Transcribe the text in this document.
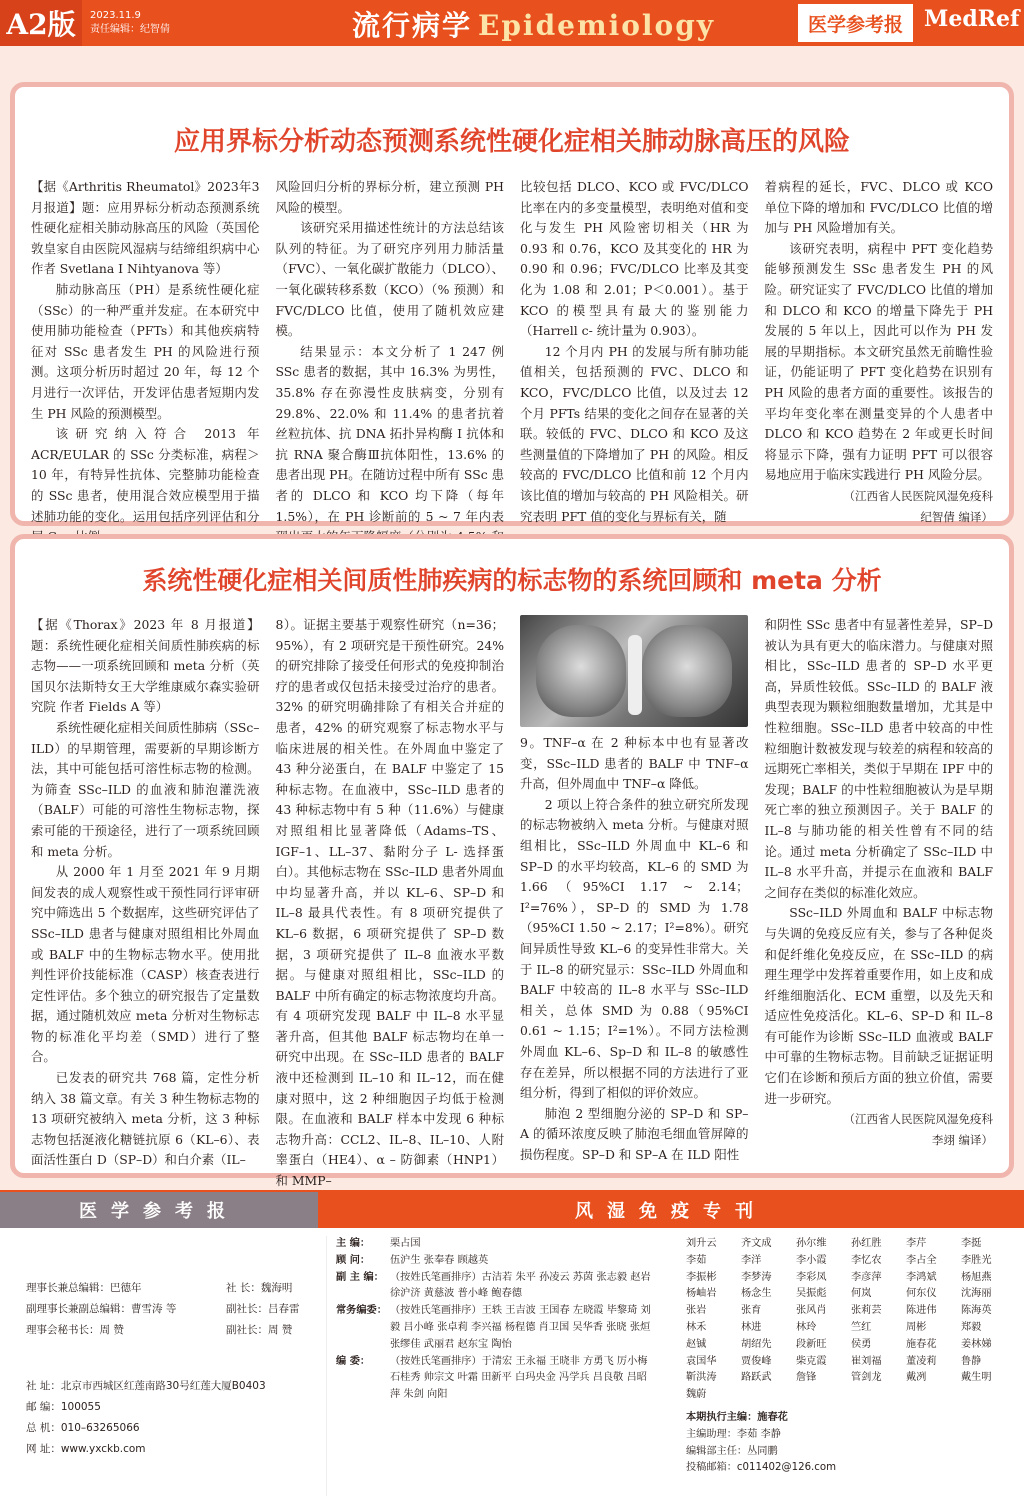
A2版	2023.11.9
责任编辑：纪智倩	流行病学 Epidemiology	医学参考报 MedRef
应用界标分析动态预测系统性硬化症相关肺动脉高压的风险

【据《Arthritis Rheumatol》2023年3月报道】题：应用界标分析动态预测系统性硬化症相关肺动脉高压的风险（英国伦敦皇家自由医院风湿病与结缔组织病中心 作者 Svetlana I Nihtyanova 等）

肺动脉高压（PH）是系统性硬化症（SSc）的一种严重并发症。在本研究中使用肺功能检查（PFTs）和其他疾病特征对 SSc 患者发生 PH 的风险进行预测。这项分析历时超过 20 年，每 12 个月进行一次评估，开发评估患者短期内发生 PH 风险的预测模型。

该研究纳入符合 2013 年 ACR/EULAR 的 SSc 分类标准，病程＞10 年，有特异性抗体、完整肺功能检查的 SSc 患者，使用混合效应模型用于描述肺功能的变化。运用包括序列评估和分

风险回归分析的界标分析，建立预测 PH 风险的模型。

该研究采用描述性统计的方法总结该队列的特征。为了研究序列用力肺活量（FVC）、一氧化碳扩散能力（DLCO）、一氧化碳转移系数（KCO）（% 预测）和 FVC/DLCO 比值，使用了随机效应建模。

结果显示：本文分析了 1 247 例 SSc 患者的数据，其中 16.3% 为男性，35.8% 存在弥漫性皮肤病变，分别有 29.8%、22.0% 和 11.4% 的患者抗着丝粒抗体、抗 DNA 拓扑异构酶 I 抗体和抗 RNA 聚合酶Ⅲ抗体阳性，13.6% 的患者出现 PH。在随访过程中所有 SSc 患者的 DLCO 和 KCO 均下降（每年 1.5%），在 PH 诊断前的 5 ~ 7 年内表

比较包括 DLCO、KCO 或 FVC/DLCO 比率在内的多变量模型，表明绝对值和变化与发生 PH 风险密切相关（HR 为 0.93 和 0.76，KCO 及其变化的 HR 为 0.90 和 0.96；FVC/DLCO 比率及其变化为 1.08 和 2.01；P＜0.001）。基于 KCO 的模型具有最大的鉴别能力（Harrell c- 统计量为 0.903）。

12 个月内 PH 的发展与所有肺功能值相关，包括预测的 FVC、DLCO 和 KCO，FVC/DLCO 比值，以及过去 12 个月 PFTs 结果的变化之间存在显著的关联。较低的 FVC、DLCO 和 KCO 及这些测量值的下降增加了 PH 的风险。相反较高的 FVC/DLCO 比值和前 12 个月内该比值的增加与较高的 PH 风险相关。研究表明 PFT 值的变化与界标有关，随

着病程的延长，FVC、DLCO 或 KCO 单位下降的增加和 FVC/DLCO 比值的增加与 PH 风险增加有关。

该研究表明，病程中 PFT 变化趋势能够预测发生 SSc 患者发生 PH 的风险。研究证实了 FVC/DLCO 比值的增加和 DLCO 和 KCO 的增量下降先于 PH 发展的 5 年以上，因此可以作为 PH 发展的早期指标。本文研究虽然无前瞻性验证，仍能证明了 PFT 变化趋势在识别有 PH 风险的患者方面的重要性。该报告的平均年变化率在测量变异的个人患者中 DLCO 和 KCO 趋势在 2 年或更长时间将显示下降，强有力证明 PFT 可以很容易地应用于临床实践进行 PH 风险分层。

（江西省人民医院风湿免疫科

纪智倩 编译）

系统性硬化症相关间质性肺疾病的标志物的系统回顾和 meta 分析

【据《Thorax》2023 年 8 月报道】题：系统性硬化症相关间质性肺疾病的标志物——一项系统回顾和 meta 分析（英国贝尔法斯特女王大学维康威尔森实验研究院 作者 Fields A 等）

系统性硬化症相关间质性肺病（SSc–ILD）的早期管理，需要新的早期诊断方法，其中可能包括可溶性标志物的检测。为筛查 SSc–ILD 的血液和肺泡灌洗液（BALF）可能的可溶性生物标志物，探索可能的干预途径，进行了一项系统回顾和 meta 分析。

从 2000 年 1 月至 2021 年 9 月期间发表的成人观察性或干预性同行评审研究中筛选出 5 个数据库，这些研究评估了 SSc–ILD 患者与健康对照组相比外周血或 BALF 中的生物标志物水平。使用批判性评价技能标准（CASP）核查表进行定性评估。多个独立的研究报告了定量数据，通过随机效应 meta 分析对生物标志物的标准化平均差（SMD）进行了整合。

已发表的研究共 768 篇，定性分析纳入 38 篇文章。有关 3 种生物标志物的 13 项研究被纳入 meta 分析，这 3 种标志物包括涎液化糖链抗原 6（KL–6）、表面活性蛋白 D（SP–D）和白介素（IL–

8）。证据主要基于观察性研究（n=36；95%），有 2 项研究是干预性研究。24% 的研究排除了接受任何形式的免疫抑制治疗的患者或仅包括未接受过治疗的患者。32% 的研究明确排除了有相关合并症的患者，42% 的研究观察了标志物水平与临床进展的相关性。在外周血中鉴定了 43 种分泌蛋白，在 BALF 中鉴定了 15 种标志物。在血液中，SSc–ILD 患者的 43 种标志物中有 5 种（11.6%）与健康对照组相比显著降低（Adams–TS、IGF–1、LL–37、黏附分子 L- 选择蛋白）。其他标志物在 SSc–ILD 患者外周血中均显著升高，并以 KL–6、SP–D 和 IL–8 最具代表性。有 8 项研究提供了 KL–6 数据，6 项研究提供了 SP–D 数据，3 项研究提供了 IL–8 血液水平数据。与健康对照组相比，SSc–ILD 的 BALF 中所有确定的标志物浓度均升高。有 4 项研究发现 BALF 中 IL–8 水平显著升高，但其他 BALF 标志物均在单一研究中出现。在 SSc–ILD 患者的 BALF 液中还检测到 IL–10 和 IL–12，而在健康对照中，这 2 种细胞因子均低于检测限。在血液和 BALF 样本中发现 6 种标志物升高：CCL2、IL–8、IL–10、人附睾蛋白（HE4）、α – 防御素（HNP1）和 MMP–

9。TNF–α 在 2 种标本中也有显著改变，SSc–ILD 患者的 BALF 中 TNF–α 升高，但外周血中 TNF–α 降低。

2 项以上符合条件的独立研究所发现的标志物被纳入 meta 分析。与健康对照组相比，SSc–ILD 外周血中 KL–6 和 SP–D 的水平均较高，KL–6 的 SMD 为 1.66（95%CI 1.17 ~ 2.14；I²=76%），SP–D 的 SMD 为 1.78（95%CI 1.50 ~ 2.17；I²=8%）。研究间异质性导致 KL–6 的变异性非常大。关于 IL–8 的研究显示：SSc–ILD 外周血和 BALF 中较高的 IL–8 水平与 SSc–ILD 相关，总体 SMD 为 0.88（95%CI 0.61 ~ 1.15；I²=1%）。不同方法检测外周血 KL–6、Sp–D 和 IL–8 的敏感性存在差异，所以根据不同的方法进行了亚组分析，得到了相似的评价效应。

肺泡 2 型细胞分泌的 SP–D 和 SP–A 的循环浓度反映了肺泡毛细血管屏障的损伤程度。SP–D 和 SP–A 在 ILD 阳性

和阴性 SSc 患者中有显著性差异，SP–D 被认为具有更大的临床潜力。与健康对照相比，SSc–ILD 患者的 SP–D 水平更高，异质性较低。SSc–ILD 的 BALF 液典型表现为颗粒细胞数量增加，尤其是中性粒细胞。SSc–ILD 患者中较高的中性粒细胞计数被发现与较差的病程和较高的远期死亡率相关，类似于早期在 IPF 中的发现；BALF 的中性粒细胞被认为是早期死亡率的独立预测因子。关于 BALF 的 IL–8 与肺功能的相关性曾有不同的结论。通过 meta 分析确定了 SSc–ILD 中 IL–8 水平升高，并提示在血液和 BALF 之间存在类似的标准化效应。

SSc–ILD 外周血和 BALF 中标志物与失调的免疫反应有关，参与了各种促炎和促纤维化免疫反应，在 SSc–ILD 的病理生理学中发挥着重要作用，如上皮和成纤维细胞活化、ECM 重塑，以及先天和适应性免疫活化。KL–6、SP–D 和 IL–8 有可能作为诊断 SSc–ILD 血液或 BALF 中可靠的生物标志物。目前缺乏证据证明它们在诊断和预后方面的独立价值，需要进一步研究。

（江西省人民医院风湿免疫科

李翊 编译）

医学参考报	风湿免疫专刊
理事长兼总编辑：巴德年	社 长：魏海明
副理事长兼副总编辑：曹雪涛 等	副社长：吕春雷
理事会秘书长：周 赞	副社长：周 赞
社 址：北京市西城区红莲南路30号红莲大厦B0403
邮 编：100055
总 机：010–63265066
网 址：www.yxckb.com
主 编：	栗占国
顾 问：	伍沪生 张奉春 顾越英
副 主 编： （按姓氏笔画排序）古洁若 朱平 孙凌云 苏茵 张志毅 赵岩 徐沪济 黄慈波 普小峰 鲍春德
常务编委： （按姓氏笔画排序）王轶 王吉波 王国春 左晓霞 毕黎琦 刘毅 吕小峰 张卓莉 李兴福 杨程德 肖卫国 吴华香 张晓 张烜 张缪佳 武丽君 赵东宝 陶怡
编 委：	（按姓氏笔画排序）于清宏 王永福 王晓非 方勇飞 厉小梅 石桂秀 帅宗文 叶霜 田新平 白玛央金 冯学兵 吕良敬 吕昭萍 朱剑 向阳
刘升云	齐文成	孙尔维	孙红胜	李芹	李挺
李茹	李洋	李小霞	李忆农	李占全	李胜光
李振彬	李梦涛	李彩凤	李彦萍	李鸿斌	杨旭燕
杨岫岩	杨念生	吴振彪	何岚	何东仪	沈海丽
张岩	张育	张风肖	张莉芸	陈进伟	陈海英
林禾	林进	林玲	竺红	周彬	郑毅
赵铖	胡绍先	段新旺	侯勇	施春花	姜林娣
袁国华	贾俊峰	柴克霞	崔刘福	董凌莉	鲁静
靳洪涛	路跃武	詹锋	管剑龙	戴冽	戴生明
魏蔚
本期执行主编：施春花
主编助理：李茹 李静
编辑部主任：丛同鹏
投稿邮箱：c011402@126.com
